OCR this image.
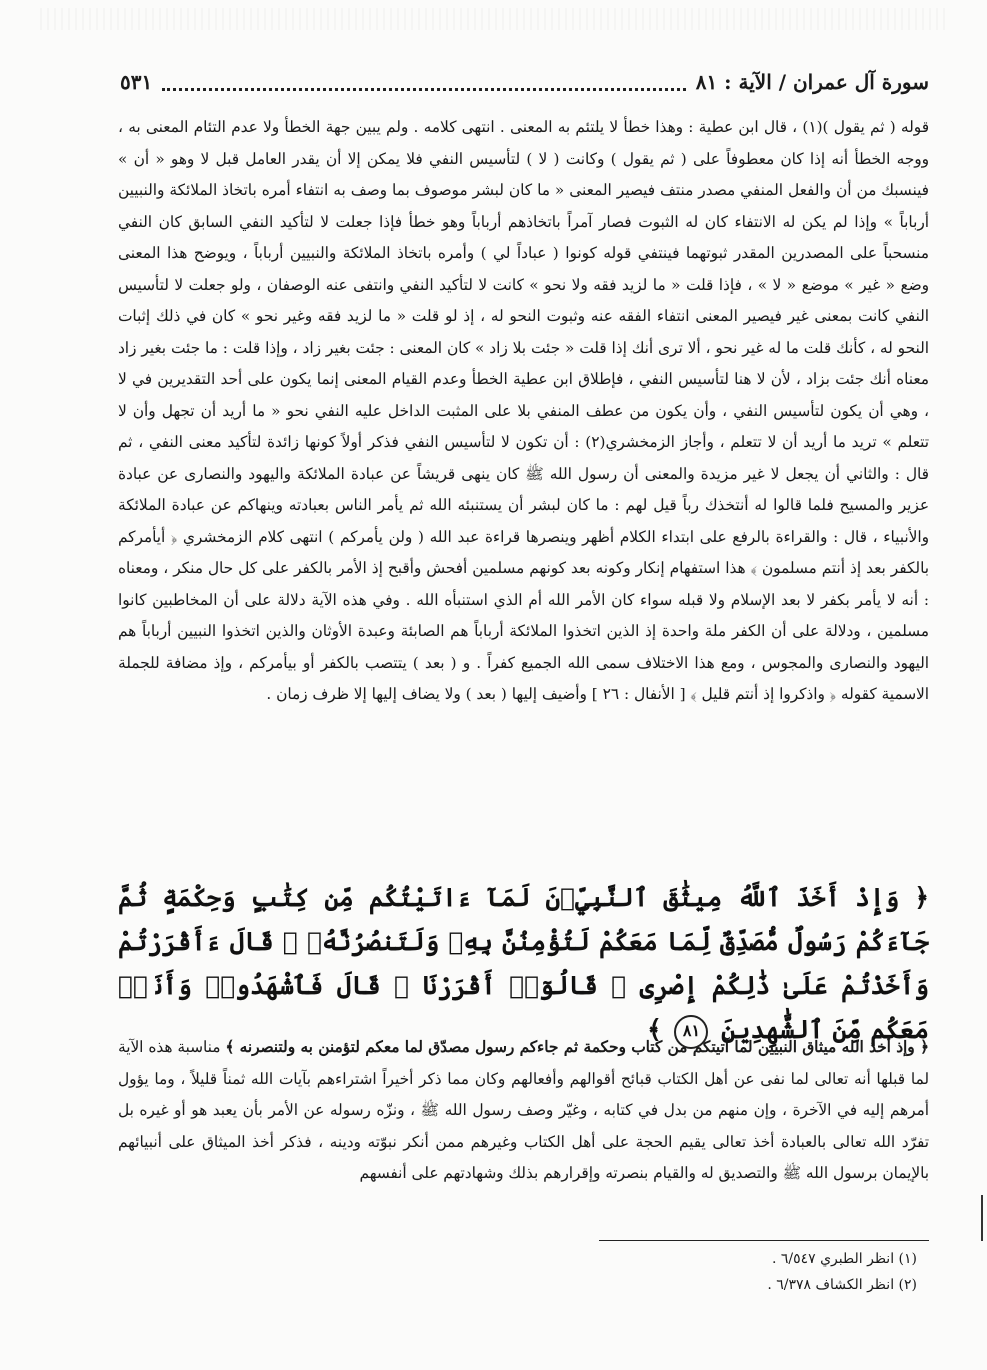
سورة آل عمران / الآية : ٨١
٥٣١

قوله ( ثم يقول )(١) ، قال ابن عطية : وهذا خطأ لا يلتئم به المعنى . انتهى كلامه . ولم يبين جهة الخطأ ولا عدم التئام المعنى به ، ووجه الخطأ أنه إذا كان معطوفاً على ( ثم يقول ) وكانت ( لا ) لتأسيس النفي فلا يمكن إلا أن يقدر العامل قبل لا وهو « أن » فينسبك من أن والفعل المنفي مصدر منتف فيصير المعنى « ما كان لبشر موصوف بما وصف به انتفاء أمره باتخاذ الملائكة والنبيين أرباباً » وإذا لم يكن له الانتفاء كان له الثبوت فصار آمراً باتخاذهم أرباباً وهو خطأ فإذا جعلت لا لتأكيد النفي السابق كان النفي منسحباً على المصدرين المقدر ثبوتهما فينتفي قوله كونوا ( عباداً لي ) وأمره باتخاذ الملائكة والنبيين أرباباً ، ويوضح هذا المعنى وضع « غير » موضع « لا » ، فإذا قلت « ما لزيد فقه ولا نحو » كانت لا لتأكيد النفي وانتفى عنه الوصفان ، ولو جعلت لا لتأسيس النفي كانت بمعنى غير فيصير المعنى انتفاء الفقه عنه وثبوت النحو له ، إذ لو قلت « ما لزيد فقه وغير نحو » كان في ذلك إثبات النحو له ، كأنك قلت ما له غير نحو ، ألا ترى أنك إذا قلت « جئت بلا زاد » كان المعنى : جئت بغير زاد ، وإذا قلت : ما جئت بغير زاد معناه أنك جئت بزاد ، لأن لا هنا لتأسيس النفي ، فإطلاق ابن عطية الخطأ وعدم القيام المعنى إنما يكون على أحد التقديرين في لا ، وهي أن يكون لتأسيس النفي ، وأن يكون من عطف المنفي بلا على المثبت الداخل عليه النفي نحو « ما أريد أن تجهل وأن لا تتعلم » تريد ما أريد أن لا تتعلم ، وأجاز الزمخشري(٢) : أن تكون لا لتأسيس النفي فذكر أولاً كونها زائدة لتأكيد معنى النفي ، ثم قال : والثاني أن يجعل لا غير مزيدة والمعنى أن رسول الله ﷺ كان ينهى قريشاً عن عبادة الملائكة واليهود والنصارى عن عبادة عزير والمسيح فلما قالوا له أنتخذك رباً قيل لهم : ما كان لبشر أن يستنبئه الله ثم يأمر الناس بعبادته وينهاكم عن عبادة الملائكة والأنبياء ، قال : والقراءة بالرفع على ابتداء الكلام أظهر وينصرها قراءة عبد الله ( ولن يأمركم ) انتهى كلام الزمخشري ﴿ أيأمركم بالكفر بعد إذ أنتم مسلمون ﴾ هذا استفهام إنكار وكونه بعد كونهم مسلمين أفحش وأقبح إذ الأمر بالكفر على كل حال منكر ، ومعناه : أنه لا يأمر بكفر لا بعد الإسلام ولا قبله سواء كان الأمر الله أم الذي استنبأه الله . وفي هذه الآية دلالة على أن المخاطبين كانوا مسلمين ، ودلالة على أن الكفر ملة واحدة إذ الذين اتخذوا الملائكة أرباباً هم الصابئة وعبدة الأوثان والذين اتخذوا النبيين أرباباً هم اليهود والنصارى والمجوس ، ومع هذا الاختلاف سمى الله الجميع كفراً . و ( بعد ) يتتصب بالكفر أو بيأمركم ، وإذ مضافة للجملة الاسمية كقوله ﴿ واذكروا إذ أنتم قليل ﴾ [ الأنفال : ٢٦ ] وأضيف إليها ( بعد ) ولا يضاف إليها إلا ظرف زمان .

﴿ وَإِذْ أَخَذَ ٱللَّهُ مِيثَٰقَ ٱلنَّبِيِّۦنَ لَمَآ ءَاتَيْتُكُم مِّن كِتَٰبٍ وَحِكْمَةٍ ثُمَّ جَآءَكُمْ رَسُولٌ مُّصَدِّقٌ لِّمَا مَعَكُمْ لَتُؤْمِنُنَّ بِهِۦ وَلَتَنصُرُنَّهُۥ ۚ قَالَ ءَأَقْرَرْتُمْ وَأَخَذْتُمْ عَلَىٰ ذَٰلِكُمْ إِصْرِى ۖ قَالُوٓا۟ أَقْرَرْنَا ۚ قَالَ فَٱشْهَدُوا۟ وَأَنَا۠ مَعَكُم مِّنَ ٱلشَّٰهِدِينَ ٨١ ﴾

﴿ وإذ أخذ الله ميثاق النبيين لما آتيتكم من كتاب وحكمة ثم جاءكم رسول مصدّق لما معكم لتؤمنن به ولتنصرنه ﴾ مناسبة هذه الآية لما قبلها أنه تعالى لما نفى عن أهل الكتاب قبائح أقوالهم وأفعالهم وكان مما ذكر أخيراً اشتراءهم بآيات الله ثمناً قليلاً ، وما يؤول أمرهم إليه في الآخرة ، وإن منهم من بدل في كتابه ، وغيّر وصف رسول الله ﷺ ، ونزّه رسوله عن الأمر بأن يعبد هو أو غيره بل تفرّد الله تعالى بالعبادة أخذ تعالى يقيم الحجة على أهل الكتاب وغيرهم ممن أنكر نبوّته ودينه ، فذكر أخذ الميثاق على أنبيائهم بالإيمان برسول الله ﷺ والتصديق له والقيام بنصرته وإقرارهم بذلك وشهادتهم على أنفسهم

(١) انظر الطبري ٦/٥٤٧ .
(٢) انظر الكشاف ٦/٣٧٨ .
